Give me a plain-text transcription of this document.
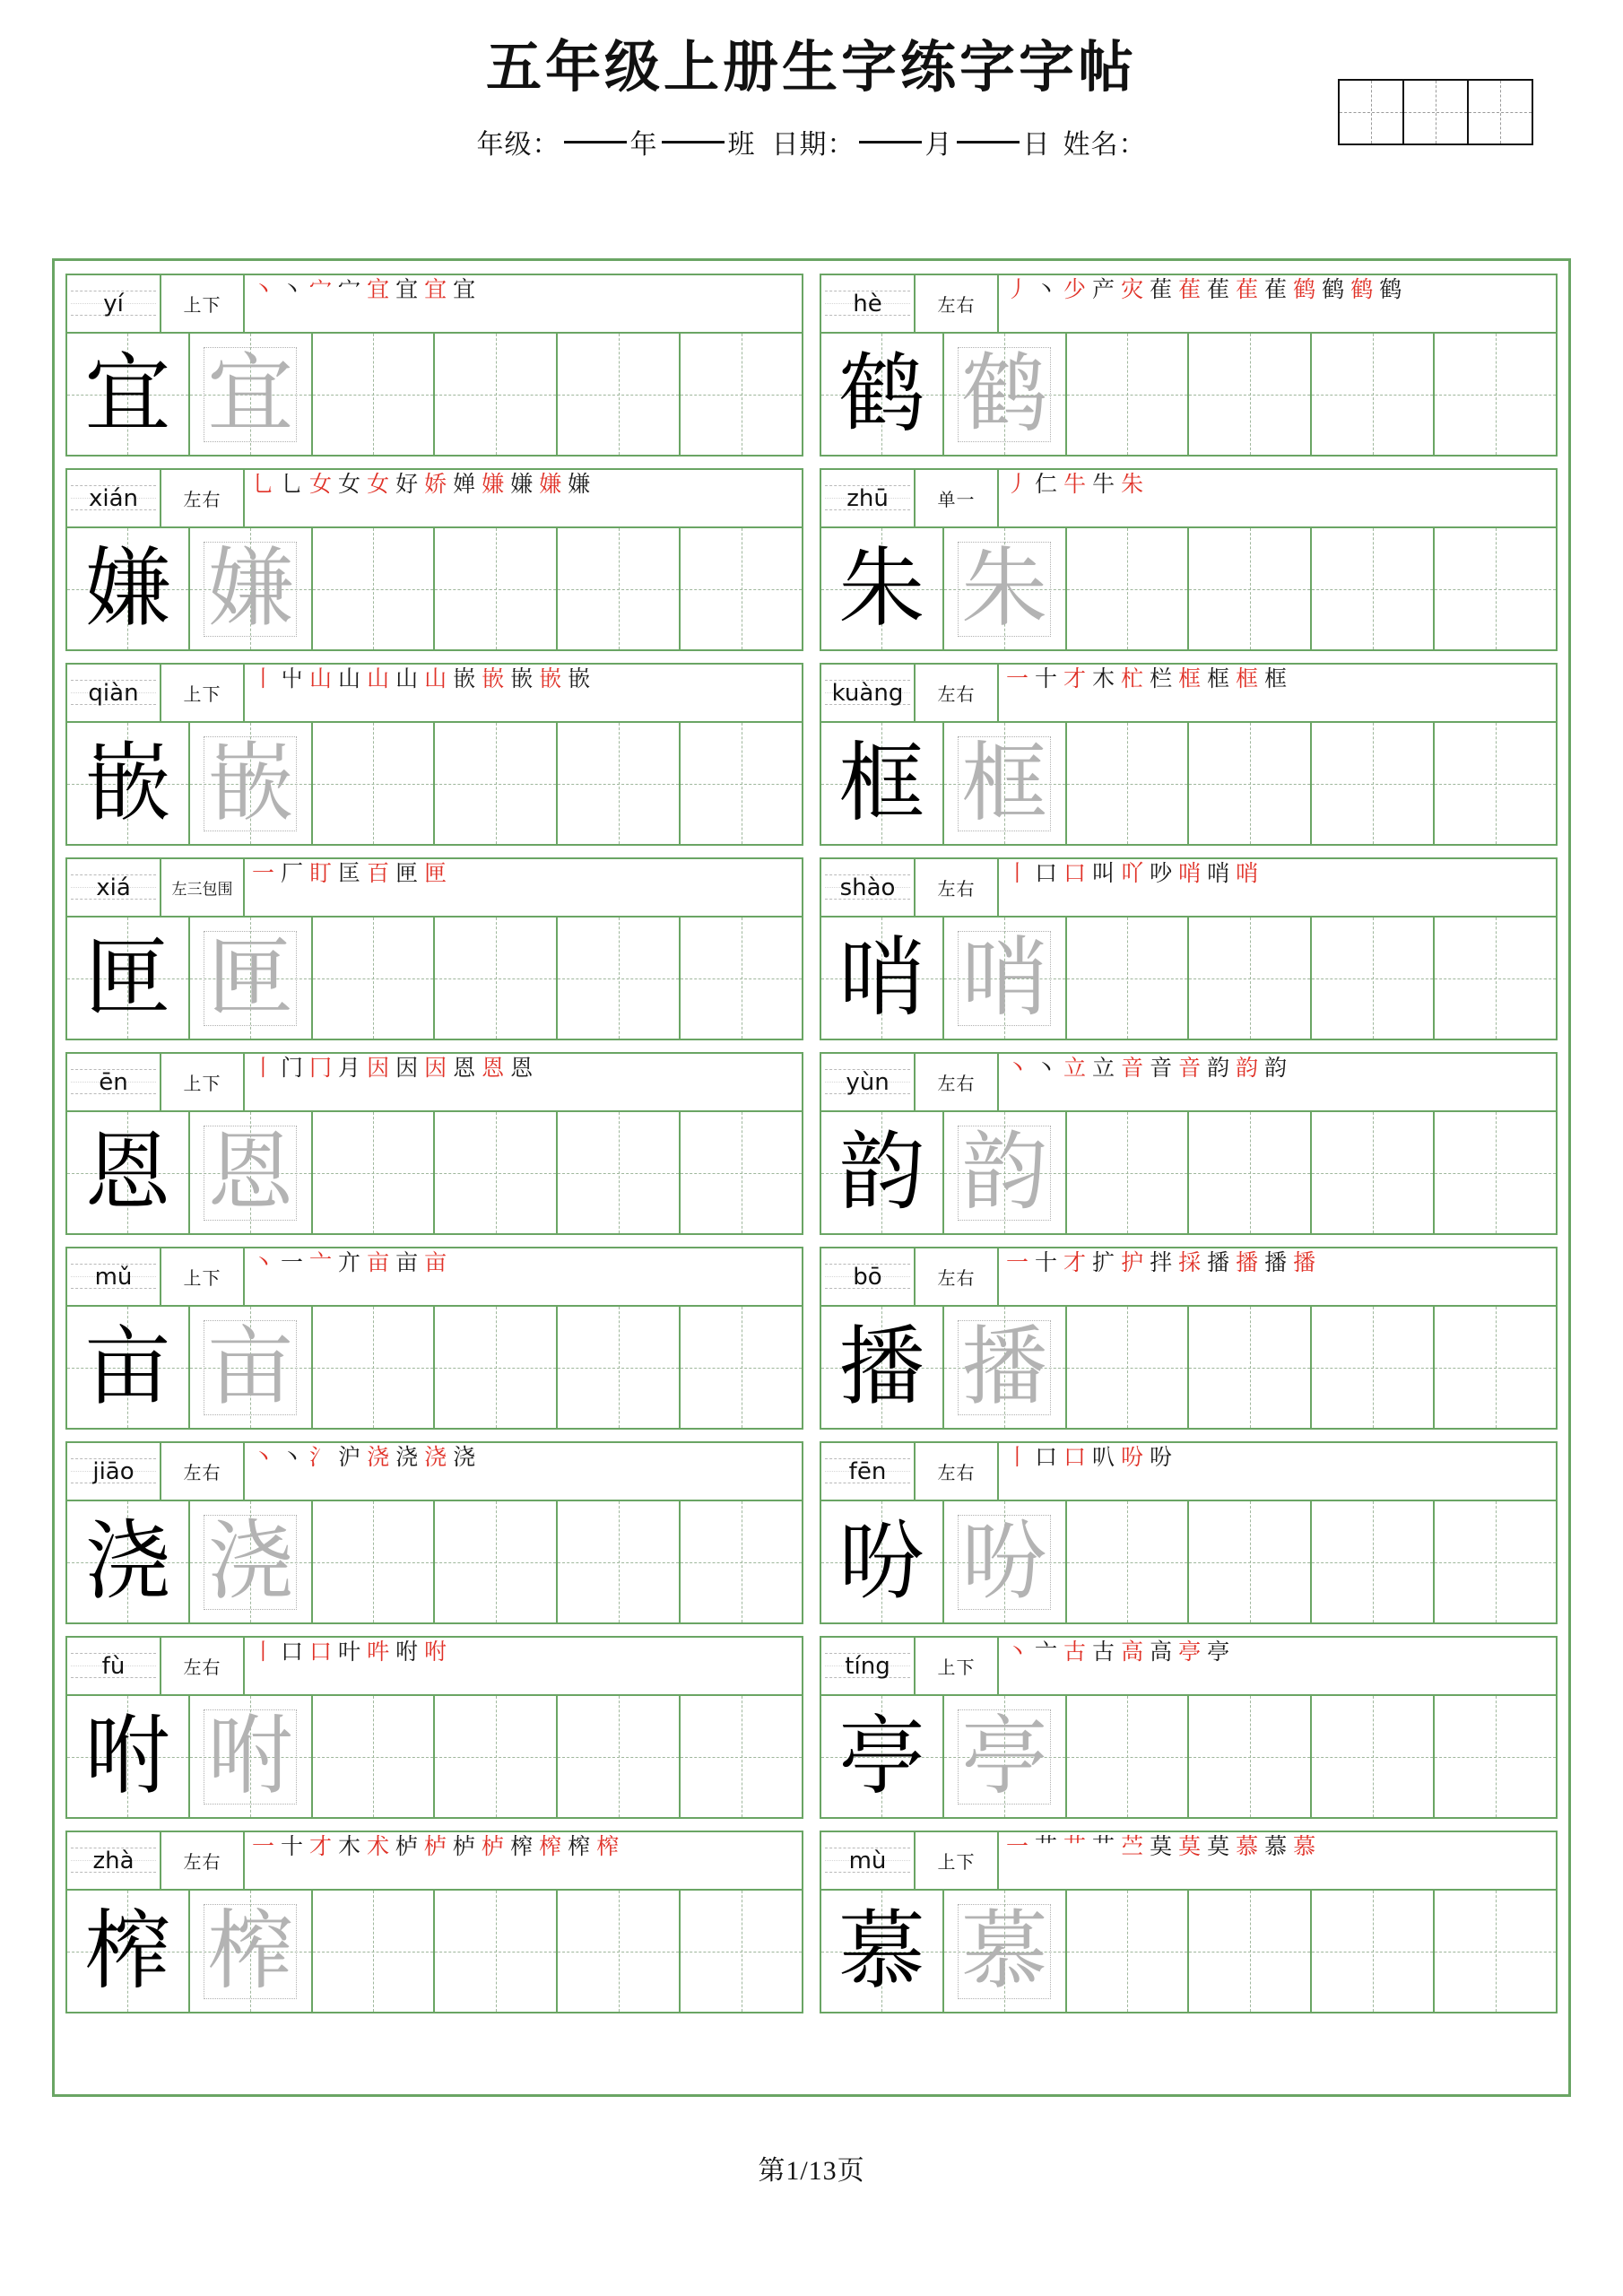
五年级上册生字练字字帖
年级：	年	班 日期：	月	日 姓名：
yí	上下
丶丶宀宀宜宜宜宜
宜 宜
xián	左右
乚乚女女女好娇婵嫌嫌嫌嫌
嫌 嫌
qiàn 上下
丨屮山山山山山嵌嵌嵌嵌嵌
嵌 嵌
xiá	左三包围
一厂盯匡百匣匣
匣 匣
ēn	上下
丨门冂月因因因恩恩恩
恩 恩
mǔ	上下
丶一亠亣亩亩亩
亩 亩
jiāo	左右
丶丶氵沪浇浇浇浇
浇 浇
fù	左右
丨口口叶吽咐咐
咐 咐
zhà	左右
一十才木术栌栌栌栌榨榨榨榨
榨 榨
hè	左右
丿丶少产灾萑萑萑萑萑鹤鹤鹤鹤
鹤 鹤
zhū	单一
丿仁牛牛朱
朱 朱
kuàng 左右
一十才木杧栏框框框框
框 框
shào 左右
丨口口叫吖吵哨哨哨
哨 哨
yùn	左右
丶丶立立音音音韵韵韵
韵 韵
bō	左右
一十才扩护拌採播播播播
播 播
fēn	左右
丨口口叭吩吩
吩 吩
tíng	上下
丶亠古古高高亭亭
亭 亭
mù	上下
一艹艹艹苎莫莫莫慕慕慕
慕 慕
第1/13页
